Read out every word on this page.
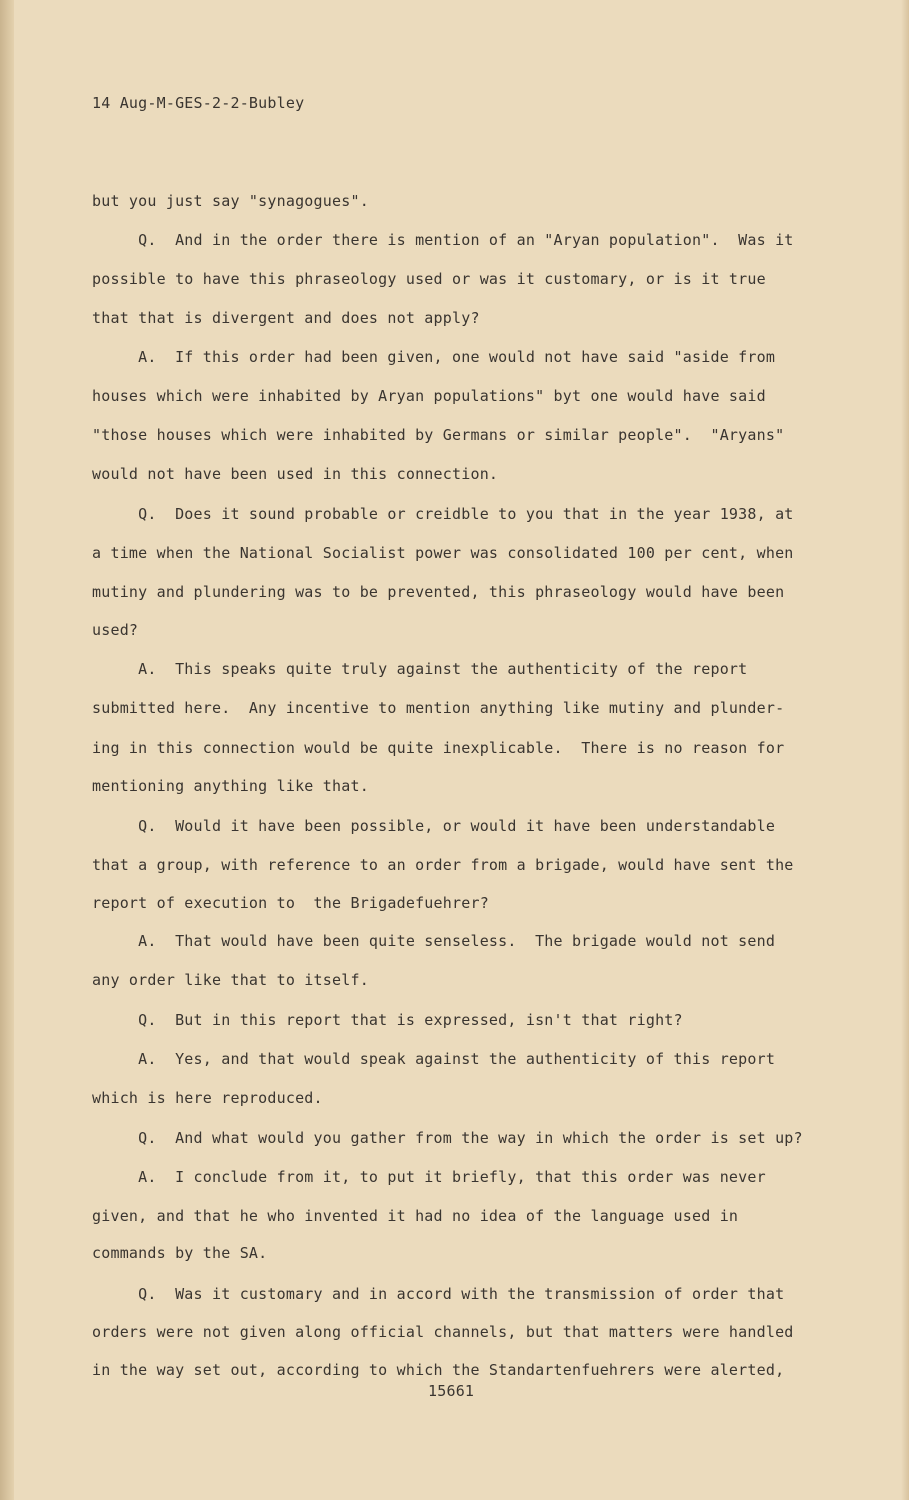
14 Aug-M-GES-2-2-Bubley
but you just say "synagogues".
Q.  And in the order there is mention of an "Aryan population".  Was it
possible to have this phraseology used or was it customary, or is it true
that that is divergent and does not apply?
A.  If this order had been given, one would not have said "aside from
houses which were inhabited by Aryan populations" byt one would have said
"those houses which were inhabited by Germans or similar people".  "Aryans"
would not have been used in this connection.
Q.  Does it sound probable or creidble to you that in the year 1938, at
a time when the National Socialist power was consolidated 100 per cent, when
mutiny and plundering was to be prevented, this phraseology would have been
used?
A.  This speaks quite truly against the authenticity of the report
submitted here.  Any incentive to mention anything like mutiny and plunder-
ing in this connection would be quite inexplicable.  There is no reason for
mentioning anything like that.
Q.  Would it have been possible, or would it have been understandable
that a group, with reference to an order from a brigade, would have sent the
report of execution to  the Brigadefuehrer?
A.  That would have been quite senseless.  The brigade would not send
any order like that to itself.
Q.  But in this report that is expressed, isn't that right?
A.  Yes, and that would speak against the authenticity of this report
which is here reproduced.
Q.  And what would you gather from the way in which the order is set up?
A.  I conclude from it, to put it briefly, that this order was never
given, and that he who invented it had no idea of the language used in
commands by the SA.
Q.  Was it customary and in accord with the transmission of order that
orders were not given along official channels, but that matters were handled
in the way set out, according to which the Standartenfuehrers were alerted,
15661
